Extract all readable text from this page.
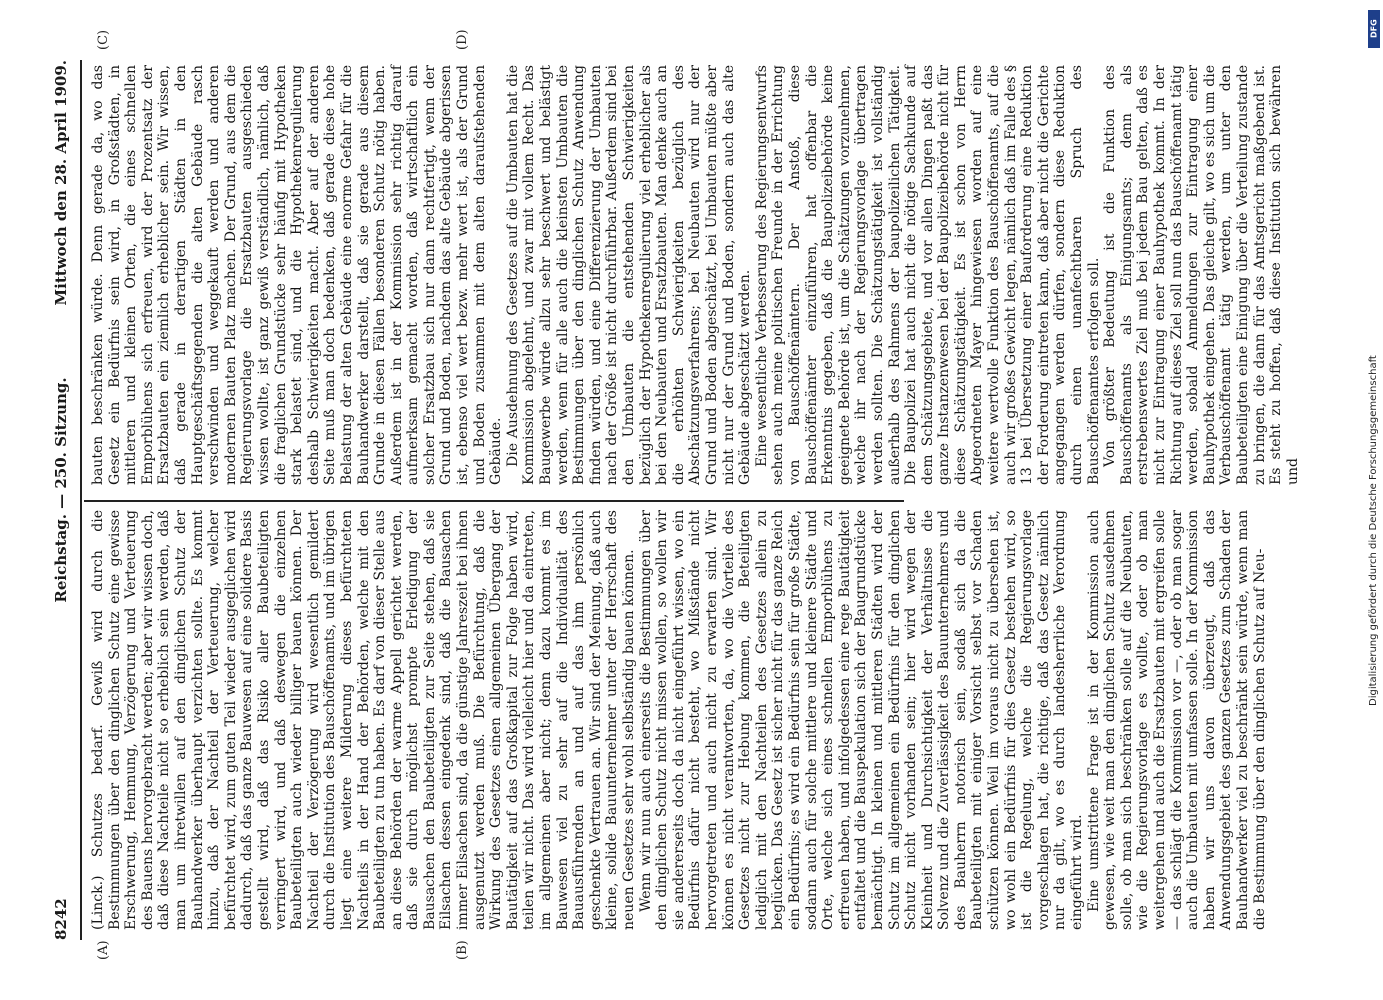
8242
Reichstag. — 250. Sitzung.
Mittwoch den 28. April 1909.
(A)	(B)
(C)	(D)

(Linck.) Schutzes bedarf. Gewiß wird durch die Bestimmungen über den dinglichen Schutz eine gewisse Erschwerung, Hemmung, Verzögerung und Verteuerung des Bauens hervorgebracht werden; aber wir wissen doch, daß diese Nachteile nicht so erheblich sein werden, daß man um ihretwillen auf den dinglichen Schutz der Bauhandwerker überhaupt verzichten sollte. Es kommt hinzu, daß der Nachteil der Verteuerung, welcher befürchtet wird, zum guten Teil wieder ausgeglichen wird dadurch, daß das ganze Bauwesen auf eine solidere Basis gestellt wird, daß das Risiko aller Baubeteiligten verringert wird, und daß deswegen die einzelnen Baubeteiligten auch wieder billiger bauen können. Der Nachteil der Verzögerung wird wesentlich gemildert durch die Institution des Bauschöffenamts, und im übrigen liegt eine weitere Milderung dieses befürchteten Nachteils in der Hand der Behörden, welche mit den Baubeteiligten zu tun haben. Es darf von dieser Stelle aus an diese Behörden der warme Appell gerichtet werden, daß sie durch möglichst prompte Erledigung der Bausachen den Baubeteiligten zur Seite stehen, daß sie Eilsachen dessen eingedenk sind, daß die Bausachen immer Eilsachen sind, da die günstige Jahreszeit bei ihnen ausgenutzt werden muß. Die Befürchtung, daß die Wirkung des Gesetzes einen allgemeinen Übergang der Bautätigkeit auf das Großkapital zur Folge haben wird, teilen wir nicht. Das wird vielleicht hier und da eintreten, im allgemeinen aber nicht; denn dazu kommt es im Bauwesen viel zu sehr auf die Individualität des Bauausführenden an und auf das ihm persönlich geschenkte Vertrauen an. Wir sind der Meinung, daß auch kleine, solide Bauunternehmer unter der Herrschaft des neuen Gesetzes sehr wohl selbständig bauen können. Wenn wir nun auch einerseits die Bestimmungen über den dinglichen Schutz nicht missen wollen, so wollen wir sie andererseits doch da nicht eingeführt wissen, wo ein Bedürfnis dafür nicht besteht, wo Mißstände nicht hervorgetreten und auch nicht zu erwarten sind. Wir können es nicht verantworten, da, wo die Vorteile des Gesetzes nicht zur Hebung kommen, die Beteiligten lediglich mit den Nachteilen des Gesetzes allein zu beglücken. Das Gesetz ist sicher nicht für das ganze Reich ein Bedürfnis; es wird ein Bedürfnis sein für große Städte, sodann auch für solche mittlere und kleinere Städte und Orte, welche sich eines schnellen Emporblühens zu erfreuen haben, und infolgedessen eine rege Bautätigkeit entfaltet und die Bauspekulation sich der Baugrundstücke bemächtigt. In kleinen und mittleren Städten wird der Schutz im allgemeinen ein Bedürfnis für den dinglichen Schutz nicht vorhanden sein; hier wird wegen der Kleinheit und Durchsichtigkeit der Verhältnisse die Solvenz und die Zuverlässigkeit des Bauunternehmers und des Bauherrn notorisch sein, sodaß sich da die Baubeteiligten mit einiger Vorsicht selbst vor Schaden schützen können. Weil im voraus nicht zu übersehen ist, wo wohl ein Bedürfnis für dies Gesetz bestehen wird, so ist die Regelung, welche die Regierungsvorlage vorgeschlagen hat, die richtige, daß das Gesetz nämlich nur da gilt, wo es durch landesherrliche Verordnung eingeführt wird. Eine umstrittene Frage ist in der Kommission auch gewesen, wie weit man den dinglichen Schutz ausdehnen solle, ob man sich beschränken solle auf die Neubauten, wie die Regierungsvorlage es wollte, oder ob man weitergehen und auch die Ersatzbauten mit ergreifen solle — das schlägt die Kommission vor —, oder ob man sogar auch die Umbauten mit umfassen solle. In der Kommission haben wir uns davon überzeugt, daß das Anwendungsgebiet des ganzen Gesetzes zum Schaden der Bauhandwerker viel zu beschränkt sein würde, wenn man die Bestimmung über den dinglichen Schutz auf Neu-

bauten beschränken würde. Denn gerade da, wo das Gesetz ein Bedürfnis sein wird, in Großstädten, in mittleren und kleinen Orten, die eines schnellen Emporblühens sich erfreuen, wird der Prozentsatz der Ersatzbauten ein ziemlich erheblicher sein. Wir wissen, daß gerade in derartigen Städten in den Hauptgeschäftsgegenden die alten Gebäude rasch verschwinden und weggekauft werden und anderen modernen Bauten Platz machen. Der Grund, aus dem die Regierungsvorlage die Ersatzbauten ausgeschieden wissen wollte, ist ganz gewiß verständlich, nämlich, daß die fraglichen Grundstücke sehr häufig mit Hypotheken stark belastet sind, und die Hypothekenregulierung deshalb Schwierigkeiten macht. Aber auf der anderen Seite muß man doch bedenken, daß gerade diese hohe Belastung der alten Gebäude eine enorme Gefahr für die Bauhandwerker darstellt, daß sie gerade aus diesem Grunde in diesen Fällen besonderen Schutz nötig haben. Außerdem ist in der Kommission sehr richtig darauf aufmerksam gemacht worden, daß wirtschaftlich ein solcher Ersatzbau sich nur dann rechtfertigt, wenn der Grund und Boden, nachdem das alte Gebäude abgerissen ist, ebenso viel wert bezw. mehr wert ist, als der Grund und Boden zusammen mit dem alten daraufstehenden Gebäude. Die Ausdehnung des Gesetzes auf die Umbauten hat die Kommission abgelehnt, und zwar mit vollem Recht. Das Baugewerbe würde allzu sehr beschwert und belästigt werden, wenn für alle auch die kleinsten Umbauten die Bestimmungen über den dinglichen Schutz Anwendung finden würden, und eine Differenzierung der Umbauten nach der Größe ist nicht durchführbar. Außerdem sind bei den Umbauten die entstehenden Schwierigkeiten bezüglich der Hypothekenregulierung viel erheblicher als bei den Neubauten und Ersatzbauten. Man denke auch an die erhöhten Schwierigkeiten bezüglich des Abschätzungsverfahrens; bei Neubauten wird nur der Grund und Boden abgeschätzt, bei Umbauten müßte aber nicht nur der Grund und Boden, sondern auch das alte Gebäude abgeschätzt werden. Eine wesentliche Verbesserung des Regierungsentwurfs sehen auch meine politischen Freunde in der Errichtung von Bauschöffenämtern. Der Anstoß, diese Bauschöffenämter einzuführen, hat offenbar die Erkenntnis gegeben, daß die Baupolizeibehörde keine geeignete Behörde ist, um die Schätzungen vorzunehmen, welche ihr nach der Regierungsvorlage übertragen werden sollten. Die Schätzungstätigkeit ist vollständig außerhalb des Rahmens der baupolizeilichen Tätigkeit. Die Baupolizei hat auch nicht die nötige Sachkunde auf dem Schätzungsgebiete, und vor allen Dingen paßt das ganze Instanzenwesen bei der Baupolizeibehörde nicht für diese Schätzungstätigkeit. Es ist schon von Herrn Abgeordneten Mayer hingewiesen worden auf eine weitere wertvolle Funktion des Bauschöffenamts, auf die auch wir großes Gewicht legen, nämlich daß im Falle des § 13 bei Übersetzung einer Bauforderung eine Reduktion der Forderung eintreten kann, daß aber nicht die Gerichte angegangen werden dürfen, sondern diese Reduktion durch einen unanfechtbaren Spruch des Bauschöffenamtes erfolgen soll. Von größter Bedeutung ist die Funktion des Bauschöffenamts als Einigungsamts; denn als erstrebenswertes Ziel muß bei jedem Bau gelten, daß es nicht zur Eintragung einer Bauhypothek kommt. In der Richtung auf dieses Ziel soll nun das Bauschöffenamt tätig werden, sobald Anmeldungen zur Eintragung einer Bauhypothek eingehen. Das gleiche gilt, wo es sich um die Verbauschöffenamt tätig werden, um unter den Baubeteiligten eine Einigung über die Verteilung zustande zu bringen, die dann für das Amtsgericht maßgebend ist. Es steht zu hoffen, daß diese Institution sich bewähren und

DFG
Digitalisierung gefördert durch die Deutsche Forschungsgemeinschaft
